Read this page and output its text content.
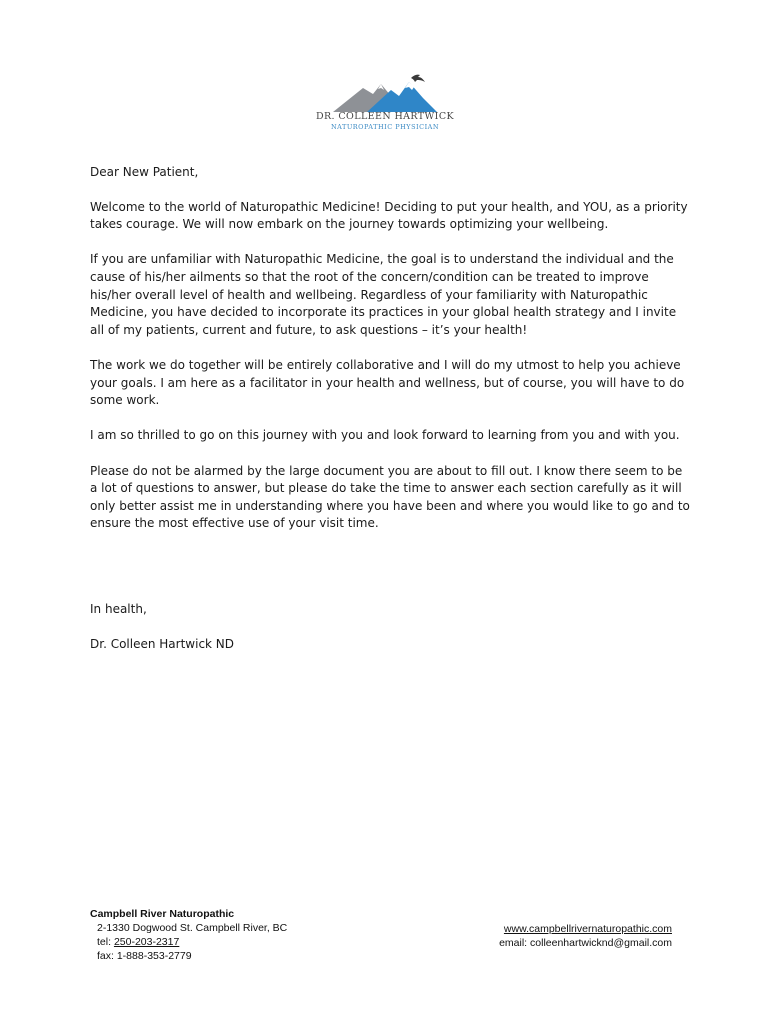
DR. COLLEEN HARTWICK
NATUROPATHIC PHYSICIAN

Dear New Patient,

Welcome to the world of Naturopathic Medicine! Deciding to put your health, and YOU, as a priority takes courage. We will now embark on the journey towards optimizing your wellbeing.

If you are unfamiliar with Naturopathic Medicine, the goal is to understand the individual and the cause of his/her ailments so that the root of the concern/condition can be treated to improve his/her overall level of health and wellbeing. Regardless of your familiarity with Naturopathic Medicine, you have decided to incorporate its practices in your global health strategy and I invite all of my patients, current and future, to ask questions – it’s your health!

The work we do together will be entirely collaborative and I will do my utmost to help you achieve your goals. I am here as a facilitator in your health and wellness, but of course, you will have to do some work.

I am so thrilled to go on this journey with you and look forward to learning from you and with you.

Please do not be alarmed by the large document you are about to fill out. I know there seem to be a lot of questions to answer, but please do take the time to answer each section carefully as it will only better assist me in understanding where you have been and where you would like to go and to ensure the most effective use of your visit time.

In health,
Dr. Colleen Hartwick ND
Campbell River Naturopathic
2-1330 Dogwood St. Campbell River, BC
tel: 250-203-2317
fax: 1-888-353-2779
www.campbellrivernaturopathic.com
email: colleenhartwicknd@gmail.com
